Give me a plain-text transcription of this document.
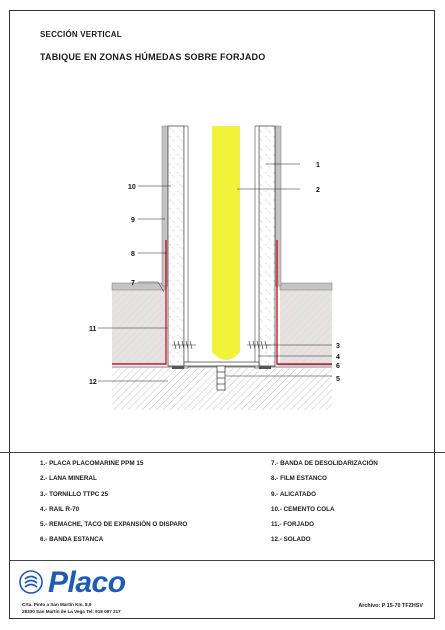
SECCIÓN VERTICAL
TABIQUE EN ZONAS HÚMEDAS SOBRE FORJADO
1
2
3
4
5
6
7
8
9
10
11
12
1.- PLACA PLACOMARINE PPM 15
2.- LANA MINERAL
3.- TORNILLO TTPC 25
4.- RAIL R-70
5.- REMACHE, TACO DE EXPANSIÓN O DISPARO
6.- BANDA ESTANCA
7.- BANDA DE DESOLIDARIZACIÓN
8.- FILM ESTANCO
9.- ALICATADO
10.- CEMENTO COLA
11.- FORJADO
12.- SOLADO
Placo
Crta. Pinto a San Martín Km. 8,9
28330 San Martín de La Vega Tel: 918 087 217
Archivo: P 15-70 TFZHSV
